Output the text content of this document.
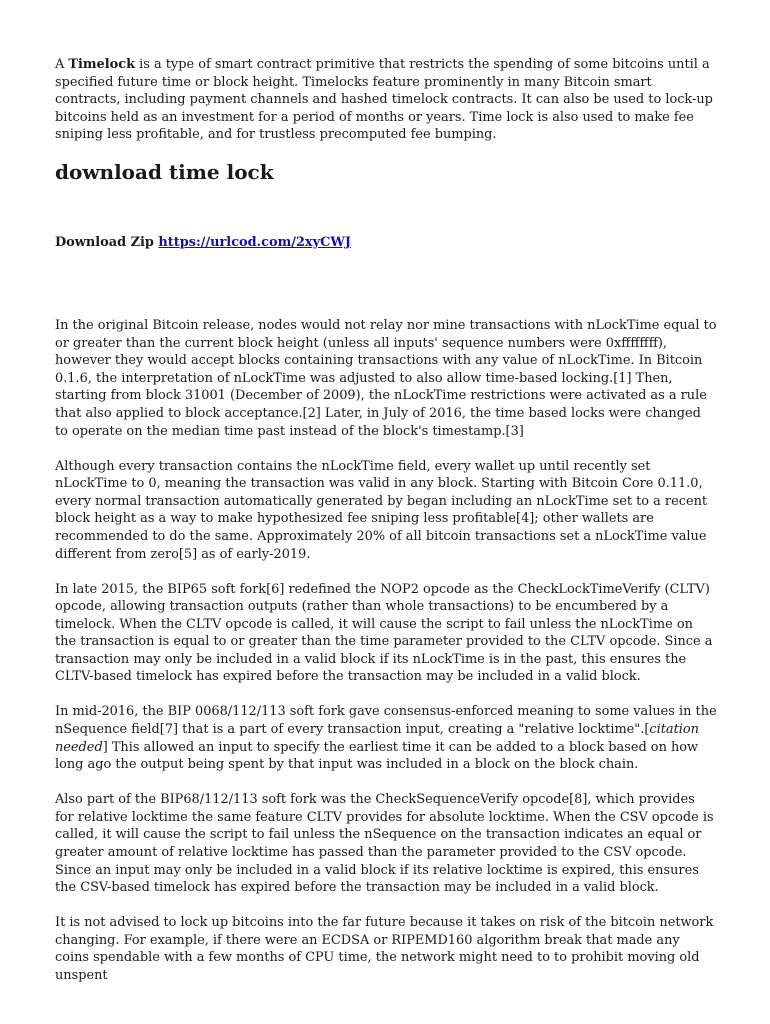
A Timelock is a type of smart contract primitive that restricts the spending of some bitcoins until a specified future time or block height. Timelocks feature prominently in many Bitcoin smart contracts, including payment channels and hashed timelock contracts. It can also be used to lock-up bitcoins held as an investment for a period of months or years. Time lock is also used to make fee sniping less profitable, and for trustless precomputed fee bumping.

download time lock
Download Zip https://urlcod.com/2xyCWJ

In the original Bitcoin release, nodes would not relay nor mine transactions with nLockTime equal to or greater than the current block height (unless all inputs' sequence numbers were 0xffffffff), however they would accept blocks containing transactions with any value of nLockTime. In Bitcoin 0.1.6, the interpretation of nLockTime was adjusted to also allow time-based locking.[1] Then, starting from block 31001 (December of 2009), the nLockTime restrictions were activated as a rule that also applied to block acceptance.[2] Later, in July of 2016, the time based locks were changed to operate on the median time past instead of the block's timestamp.[3]

Although every transaction contains the nLockTime field, every wallet up until recently set nLockTime to 0, meaning the transaction was valid in any block. Starting with Bitcoin Core 0.11.0, every normal transaction automatically generated by began including an nLockTime set to a recent block height as a way to make hypothesized fee sniping less profitable[4]; other wallets are recommended to do the same. Approximately 20% of all bitcoin transactions set a nLockTime value different from zero[5] as of early-2019.

In late 2015, the BIP65 soft fork[6] redefined the NOP2 opcode as the CheckLockTimeVerify (CLTV) opcode, allowing transaction outputs (rather than whole transactions) to be encumbered by a timelock. When the CLTV opcode is called, it will cause the script to fail unless the nLockTime on the transaction is equal to or greater than the time parameter provided to the CLTV opcode. Since a transaction may only be included in a valid block if its nLockTime is in the past, this ensures the CLTV-based timelock has expired before the transaction may be included in a valid block.

In mid-2016, the BIP 0068/112/113 soft fork gave consensus-enforced meaning to some values in the nSequence field[7] that is a part of every transaction input, creating a "relative locktime".[citation needed] This allowed an input to specify the earliest time it can be added to a block based on how long ago the output being spent by that input was included in a block on the block chain.

Also part of the BIP68/112/113 soft fork was the CheckSequenceVerify opcode[8], which provides for relative locktime the same feature CLTV provides for absolute locktime. When the CSV opcode is called, it will cause the script to fail unless the nSequence on the transaction indicates an equal or greater amount of relative locktime has passed than the parameter provided to the CSV opcode. Since an input may only be included in a valid block if its relative locktime is expired, this ensures the CSV-based timelock has expired before the transaction may be included in a valid block.

It is not advised to lock up bitcoins into the far future because it takes on risk of the bitcoin network changing. For example, if there were an ECDSA or RIPEMD160 algorithm break that made any coins spendable with a few months of CPU time, the network might need to to prohibit moving old unspent
